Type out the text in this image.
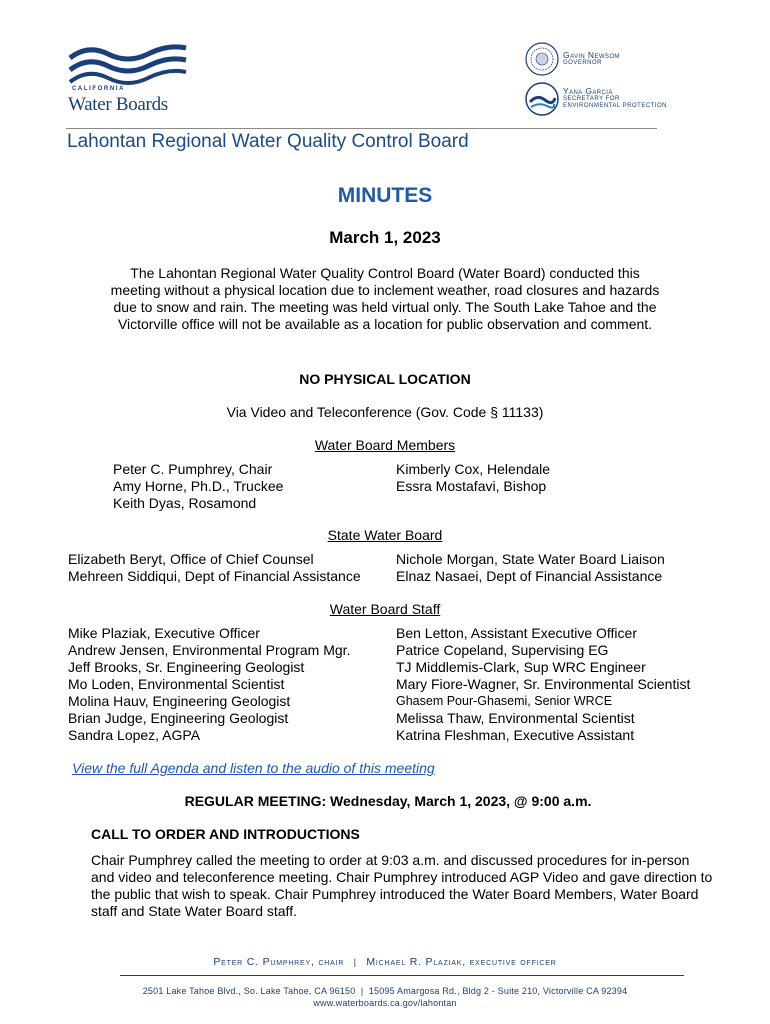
CALIFORNIA
Water Boards
Gavin Newsom
GOVERNOR
Yana Garcia
SECRETARY FOR ENVIRONMENTAL PROTECTION
Lahontan Regional Water Quality Control Board
MINUTES
March 1, 2023
The Lahontan Regional Water Quality Control Board (Water Board) conducted this meeting without a physical location due to inclement weather, road closures and hazards due to snow and rain. The meeting was held virtual only. The South Lake Tahoe and the Victorville office will not be available as a location for public observation and comment.
NO PHYSICAL LOCATION
Via Video and Teleconference (Gov. Code § 11133)
Water Board Members
Peter C. Pumphrey, Chair
Amy Horne, Ph.D., Truckee
Keith Dyas, Rosamond
Kimberly Cox, Helendale
Essra Mostafavi, Bishop
State Water Board
Elizabeth Beryt, Office of Chief Counsel
Mehreen Siddiqui, Dept of Financial Assistance
Nichole Morgan, State Water Board Liaison
Elnaz Nasaei, Dept of Financial Assistance
Water Board Staff
Mike Plaziak, Executive Officer
Andrew Jensen, Environmental Program Mgr.
Jeff Brooks, Sr. Engineering Geologist
Mo Loden, Environmental Scientist
Molina Hauv, Engineering Geologist
Brian Judge, Engineering Geologist
Sandra Lopez, AGPA
Ben Letton, Assistant Executive Officer
Patrice Copeland, Supervising EG
TJ Middlemis-Clark, Sup WRC Engineer
Mary Fiore-Wagner, Sr. Environmental Scientist
Ghasem Pour-Ghasemi, Senior WRCE
Melissa Thaw, Environmental Scientist
Katrina Fleshman, Executive Assistant
View the full Agenda and listen to the audio of this meeting
REGULAR MEETING: Wednesday, March 1, 2023, @ 9:00 a.m.
CALL TO ORDER AND INTRODUCTIONS
Chair Pumphrey called the meeting to order at 9:03 a.m. and discussed procedures for in-person and video and teleconference meeting. Chair Pumphrey introduced AGP Video and gave direction to the public that wish to speak. Chair Pumphrey introduced the Water Board Members, Water Board staff and State Water Board staff.
Peter C. Pumphrey, chair | Michael R. Plaziak, executive officer
2501 Lake Tahoe Blvd., So. Lake Tahoe, CA 96150  |  15095 Amargosa Rd., Bldg 2 - Suite 210, Victorville CA 92394
www.waterboards.ca.gov/lahontan
